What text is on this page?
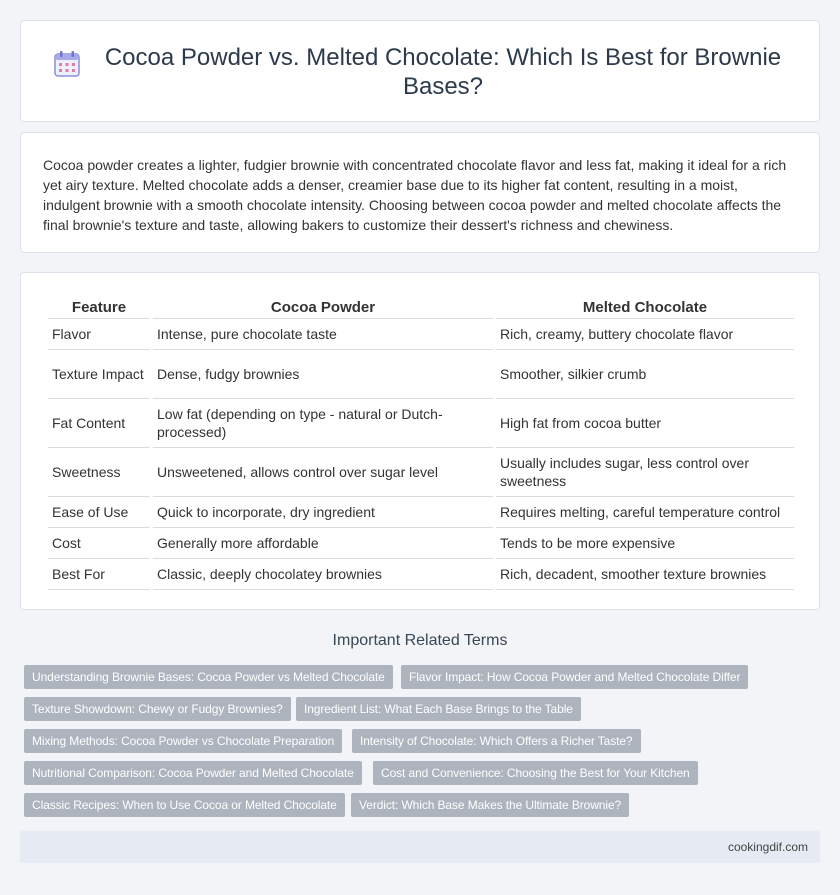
Cocoa Powder vs. Melted Chocolate: Which Is Best for Brownie Bases?

Cocoa powder creates a lighter, fudgier brownie with concentrated chocolate flavor and less fat, making it ideal for a rich yet airy texture. Melted chocolate adds a denser, creamier base due to its higher fat content, resulting in a moist, indulgent brownie with a smooth chocolate intensity. Choosing between cocoa powder and melted chocolate affects the final brownie's texture and taste, allowing bakers to customize their dessert's richness and chewiness.

Feature	Cocoa Powder	Melted Chocolate
Flavor	Intense, pure chocolate taste	Rich, creamy, buttery chocolate flavor
Texture Impact	Dense, fudgy brownies	Smoother, silkier crumb
Fat Content	Low fat (depending on type - natural or Dutch-processed)	High fat from cocoa butter
Sweetness	Unsweetened, allows control over sugar level	Usually includes sugar, less control over sweetness
Ease of Use	Quick to incorporate, dry ingredient	Requires melting, careful temperature control
Cost	Generally more affordable	Tends to be more expensive
Best For	Classic, deeply chocolatey brownies	Rich, decadent, smoother texture brownies
Important Related Terms
Understanding Brownie Bases: Cocoa Powder vs Melted Chocolate	Flavor Impact: How Cocoa Powder and Melted Chocolate Differ
Texture Showdown: Chewy or Fudgy Brownies?	Ingredient List: What Each Base Brings to the Table
Mixing Methods: Cocoa Powder vs Chocolate Preparation	Intensity of Chocolate: Which Offers a Richer Taste?
Nutritional Comparison: Cocoa Powder and Melted Chocolate	Cost and Convenience: Choosing the Best for Your Kitchen
Classic Recipes: When to Use Cocoa or Melted Chocolate	Verdict: Which Base Makes the Ultimate Brownie?
cookingdif.com
